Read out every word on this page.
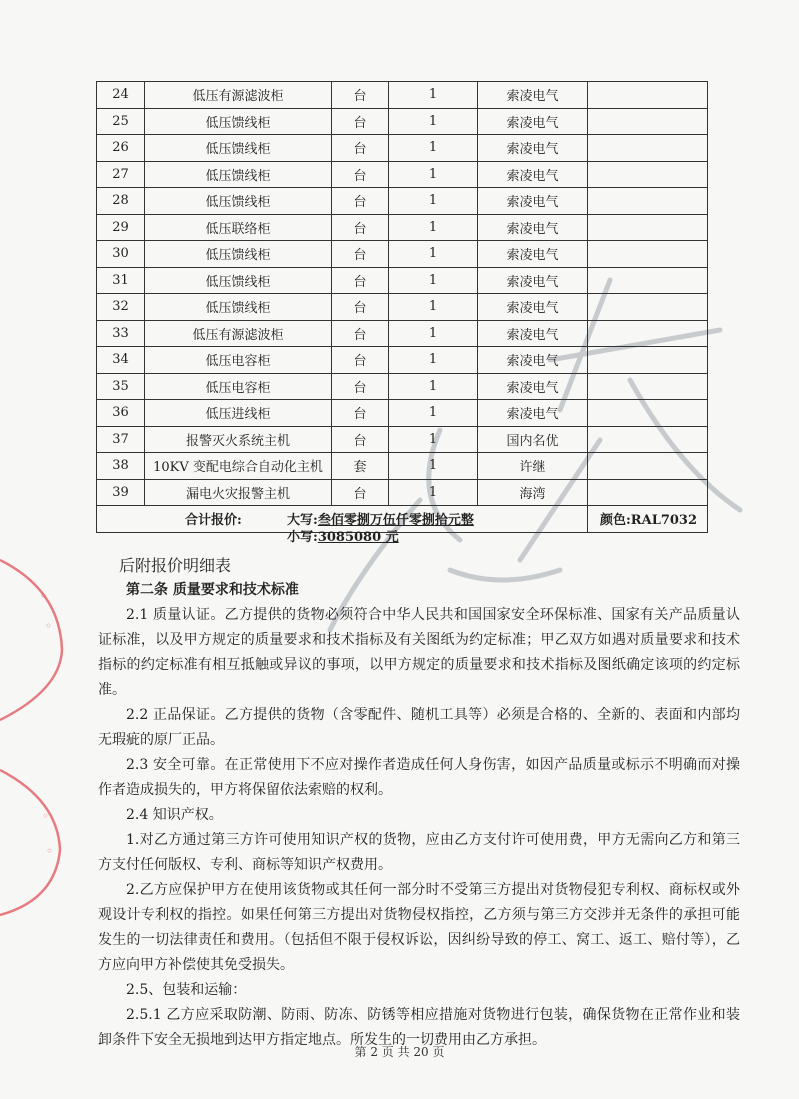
◦
◦
◦
◦
24	低压有源滤波柜	台	1	索凌电气	
25	低压馈线柜	台	1	索凌电气	
26	低压馈线柜	台	1	索凌电气	
27	低压馈线柜	台	1	索凌电气	
28	低压馈线柜	台	1	索凌电气	
29	低压联络柜	台	1	索凌电气	
30	低压馈线柜	台	1	索凌电气	
31	低压馈线柜	台	1	索凌电气	
32	低压馈线柜	台	1	索凌电气	
33	低压有源滤波柜	台	1	索凌电气	
34	低压电容柜	台	1	索凌电气	
35	低压电容柜	台	1	索凌电气	
36	低压进线柜	台	1	索凌电气	
37	报警灭火系统主机	台	1	国内名优	
38	10KV 变配电综合自动化主机	套	1	许继	
39	漏电火灾报警主机	台	1	海湾	

合计报价: 大写:叁佰零捌万伍仟零捌拾元整
小写:3085080 元					颜色:RAL7032
后附报价明细表

第二条 质量要求和技术标准

2.1 质量认证。乙方提供的货物必须符合中华人民共和国国家安全环保标准、国家有关产品质量认证标准，以及甲方规定的质量要求和技术指标及有关图纸为约定标准；甲乙双方如遇对质量要求和技术指标的约定标准有相互抵触或异议的事项，以甲方规定的质量要求和技术指标及图纸确定该项的约定标准。

2.2 正品保证。乙方提供的货物（含零配件、随机工具等）必须是合格的、全新的、表面和内部均无瑕疵的原厂正品。

2.3 安全可靠。在正常使用下不应对操作者造成任何人身伤害，如因产品质量或标示不明确而对操作者造成损失的，甲方将保留依法索赔的权利。

2.4 知识产权。

1.对乙方通过第三方许可使用知识产权的货物，应由乙方支付许可使用费，甲方无需向乙方和第三方支付任何版权、专利、商标等知识产权费用。

2.乙方应保护甲方在使用该货物或其任何一部分时不受第三方提出对货物侵犯专利权、商标权或外观设计专利权的指控。如果任何第三方提出对货物侵权指控，乙方须与第三方交涉并无条件的承担可能发生的一切法律责任和费用。（包括但不限于侵权诉讼，因纠纷导致的停工、窝工、返工、赔付等），乙方应向甲方补偿使其免受损失。

2.5、包装和运输：

2.5.1 乙方应采取防潮、防雨、防冻、防锈等相应措施对货物进行包装，确保货物在正常作业和装卸条件下安全无损地到达甲方指定地点。所发生的一切费用由乙方承担。

第 2 页 共 20 页
